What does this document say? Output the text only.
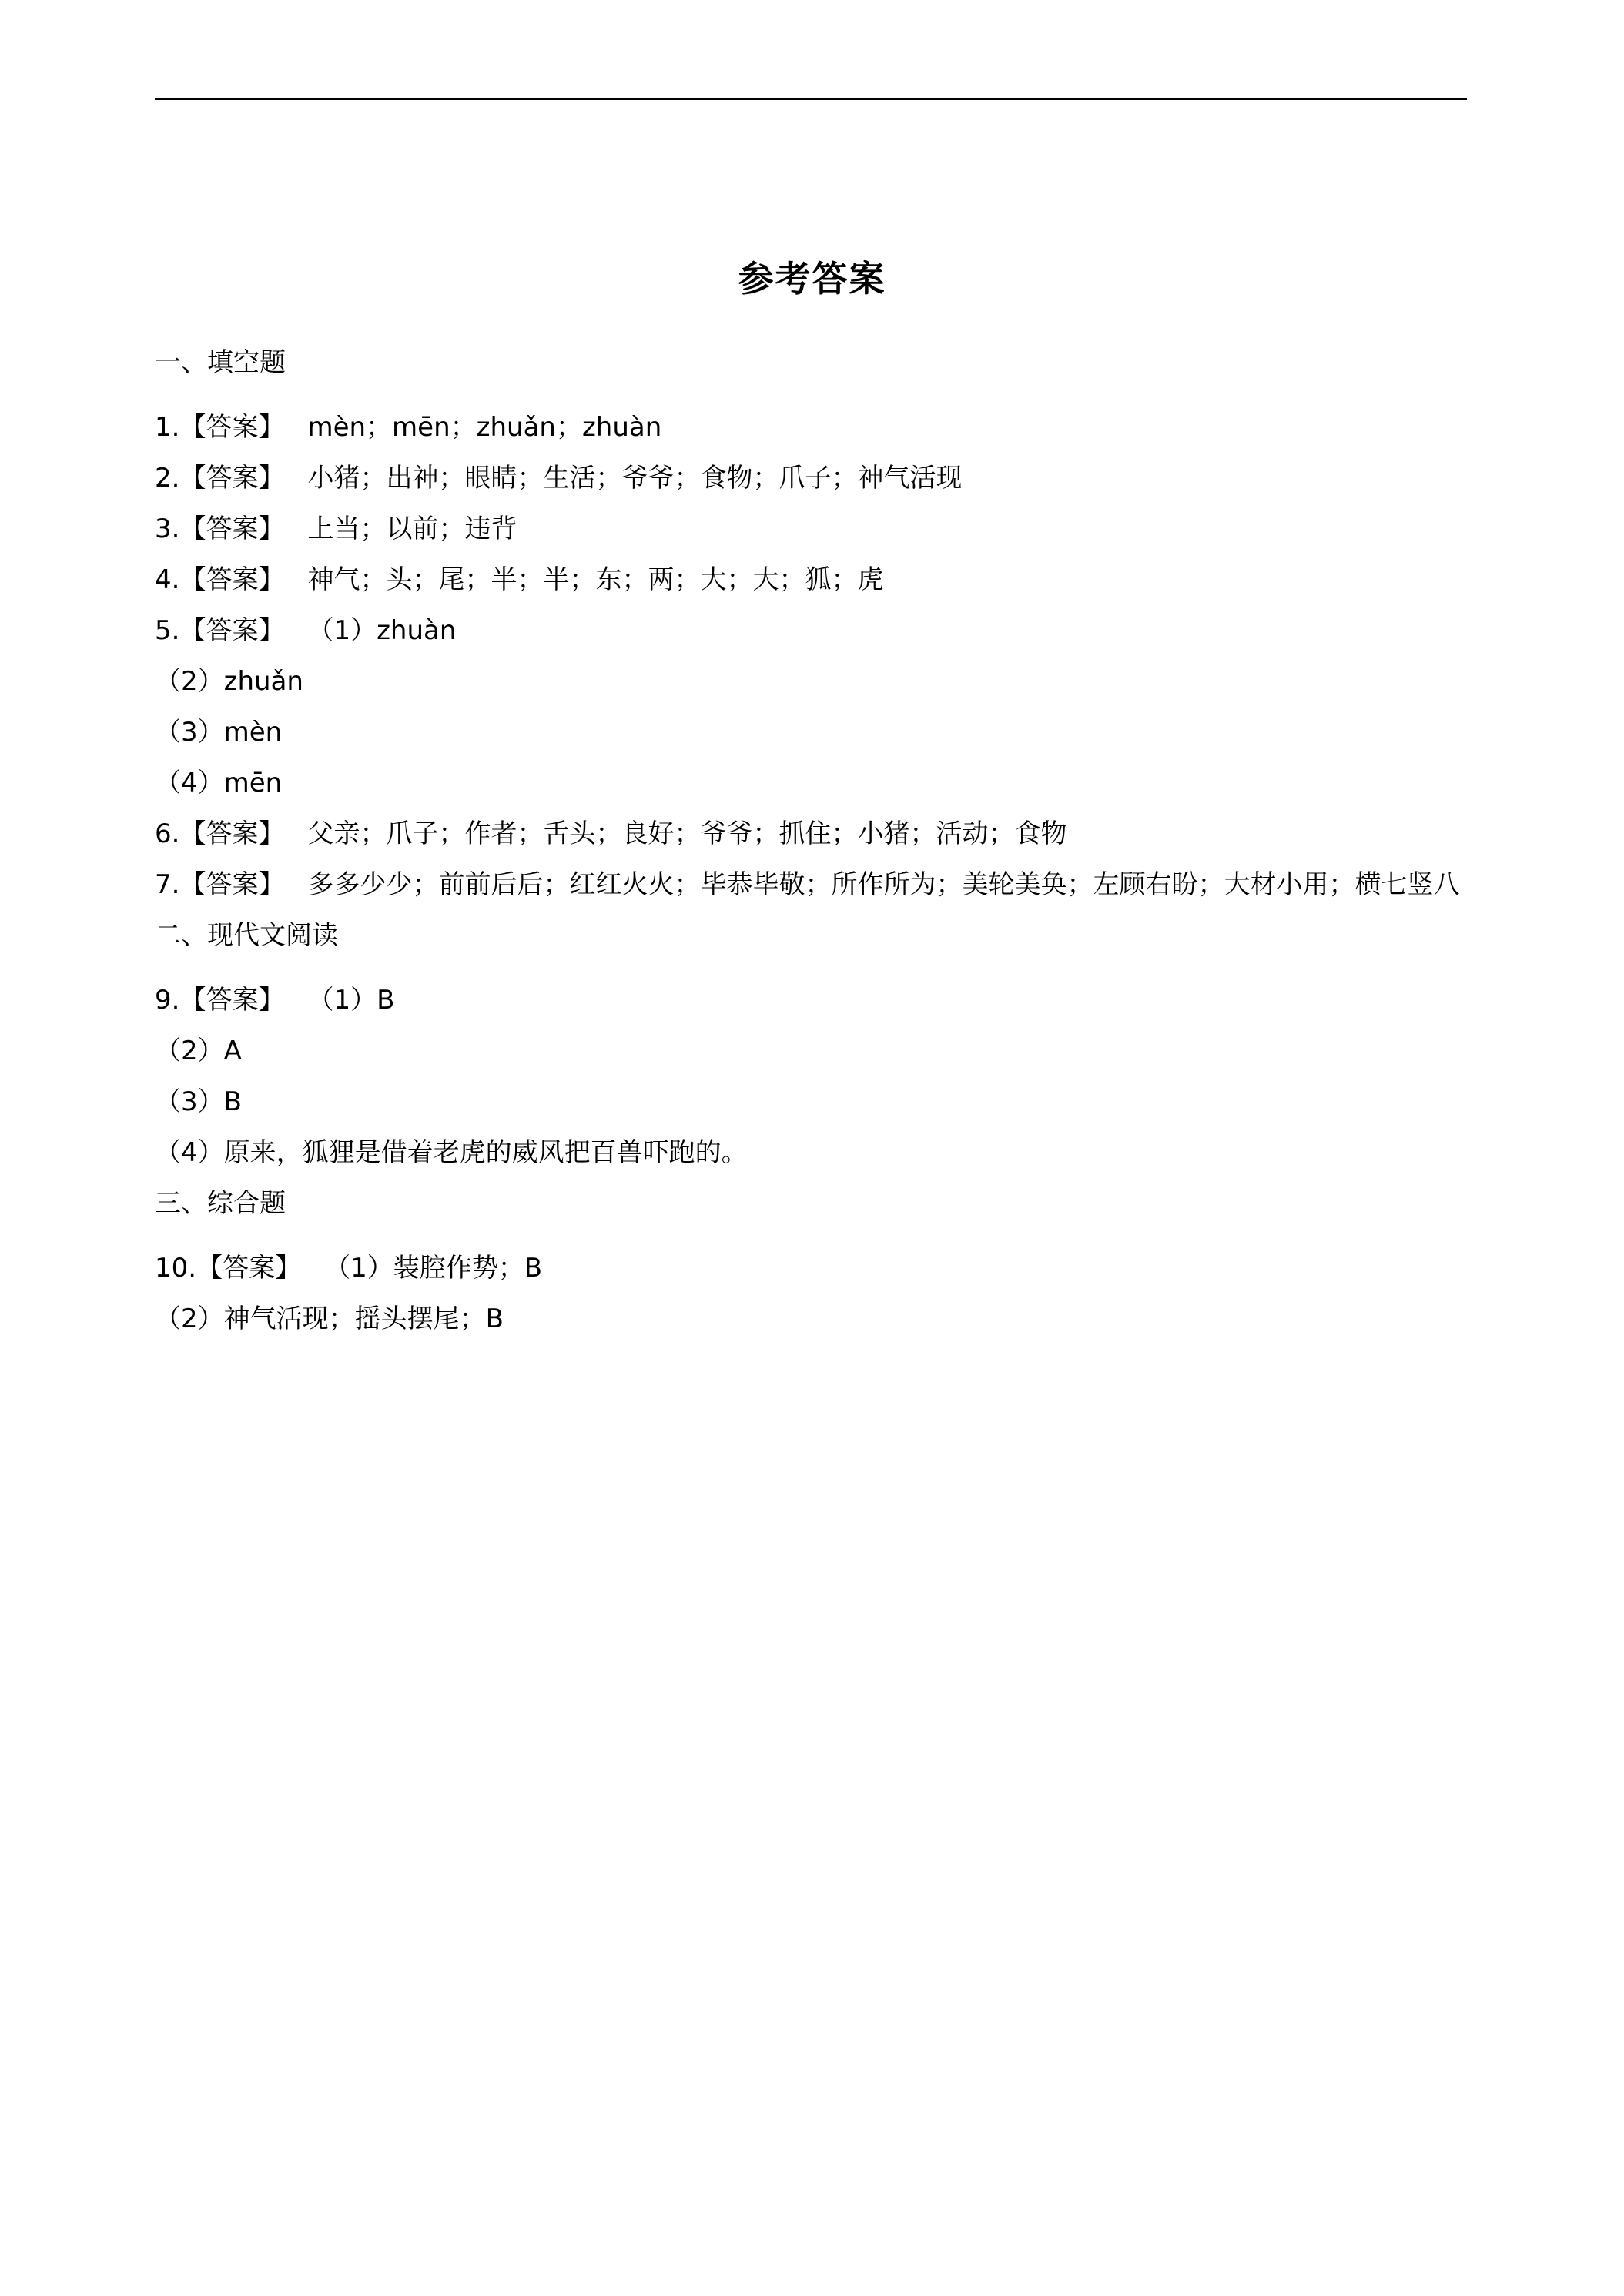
参考答案
一、填空题
1.【答案】 mèn；mēn；zhuǎn；zhuàn
2.【答案】 小猪；出神；眼睛；生活；爷爷；食物；爪子；神气活现
3.【答案】 上当；以前；违背
4.【答案】 神气；头；尾；半；半；东；两；大；大；狐；虎
5.【答案】 （1）zhuàn
（2）zhuǎn
（3）mèn
（4）mēn
6.【答案】 父亲；爪子；作者；舌头；良好；爷爷；抓住；小猪；活动；食物
7.【答案】 多多少少；前前后后；红红火火；毕恭毕敬；所作所为；美轮美奂；左顾右盼；大材小用；横七竖八
二、现代文阅读
9.【答案】 （1）B
（2）A
（3）B
（4）原来，狐狸是借着老虎的威风把百兽吓跑的。
三、综合题
10.【答案】 （1）装腔作势；B
（2）神气活现；摇头摆尾；B
